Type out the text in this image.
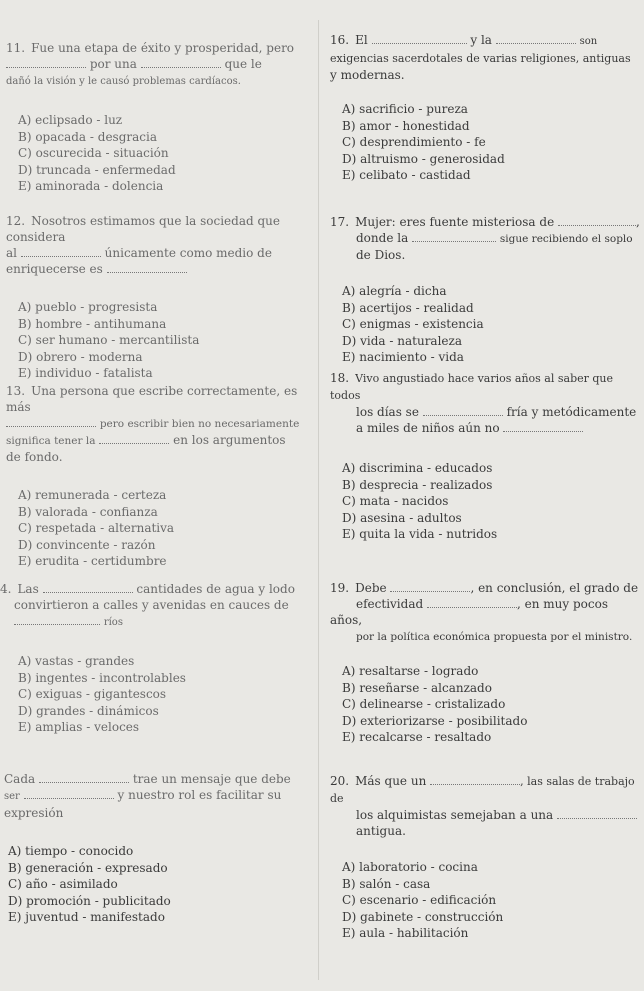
11. Fue una etapa de éxito y prosperidad, pero
por una	que le
dañó la visión y le causó problemas cardíacos.

A) eclipsado - luz
B) opacada - desgracia
C) oscurecida - situación
D) truncada - enfermedad
E) aminorada - dolencia

12. Nosotros estimamos que la sociedad que considera
al	únicamente como medio de
enriquecerse es

A) pueblo - progresista
B) hombre - antihumana
C) ser humano - mercantilista
D) obrero - moderna
E) individuo - fatalista

13. Una persona que escribe correctamente, es más
pero escribir bien no necesariamente
significa tener la	en los argumentos
de fondo.

A) remunerada - certeza
B) valorada - confianza
C) respetada - alternativa
D) convincente - razón
E) erudita - certidumbre

4. Las	cantidades de agua y lodo
convirtieron a calles y avenidas en cauces de
ríos

A) vastas - grandes
B) ingentes - incontrolables
C) exiguas - gigantescos
D) grandes - dinámicos
E) amplias - veloces

Cada	trae un mensaje que debe
ser	y nuestro rol es facilitar su
expresión

A) tiempo - conocido
B) generación - expresado
C) año - asimilado
D) promoción - publicitado
E) juventud - manifestado

16. El	y la	son
exigencias sacerdotales de varias religiones, antiguas
y modernas.

A) sacrificio - pureza
B) amor - honestidad
C) desprendimiento - fe
D) altruismo - generosidad
E) celibato - castidad

17. Mujer: eres fuente misteriosa de	,
donde la	sigue recibiendo el soplo
de Dios.

A) alegría - dicha
B) acertijos - realidad
C) enigmas - existencia
D) vida - naturaleza
E) nacimiento - vida

18. Vivo angustiado hace varios años al saber que todos
los días se	fría y metódicamente
a miles de niños aún no

A) discrimina - educados
B) desprecia - realizados
C) mata - nacidos
D) asesina - adultos
E) quita la vida - nutridos

19. Debe	, en conclusión, el grado de
efectividad	, en muy pocos años,
por la política económica propuesta por el ministro.

A) resaltarse - logrado
B) reseñarse - alcanzado
C) delinearse - cristalizado
D) exteriorizarse - posibilitado
E) recalcarse - resaltado

20. Más que un	, las salas de trabajo de
los alquimistas semejaban a una
antigua.

A) laboratorio - cocina
B) salón - casa
C) escenario - edificación
D) gabinete - construcción
E) aula - habilitación
